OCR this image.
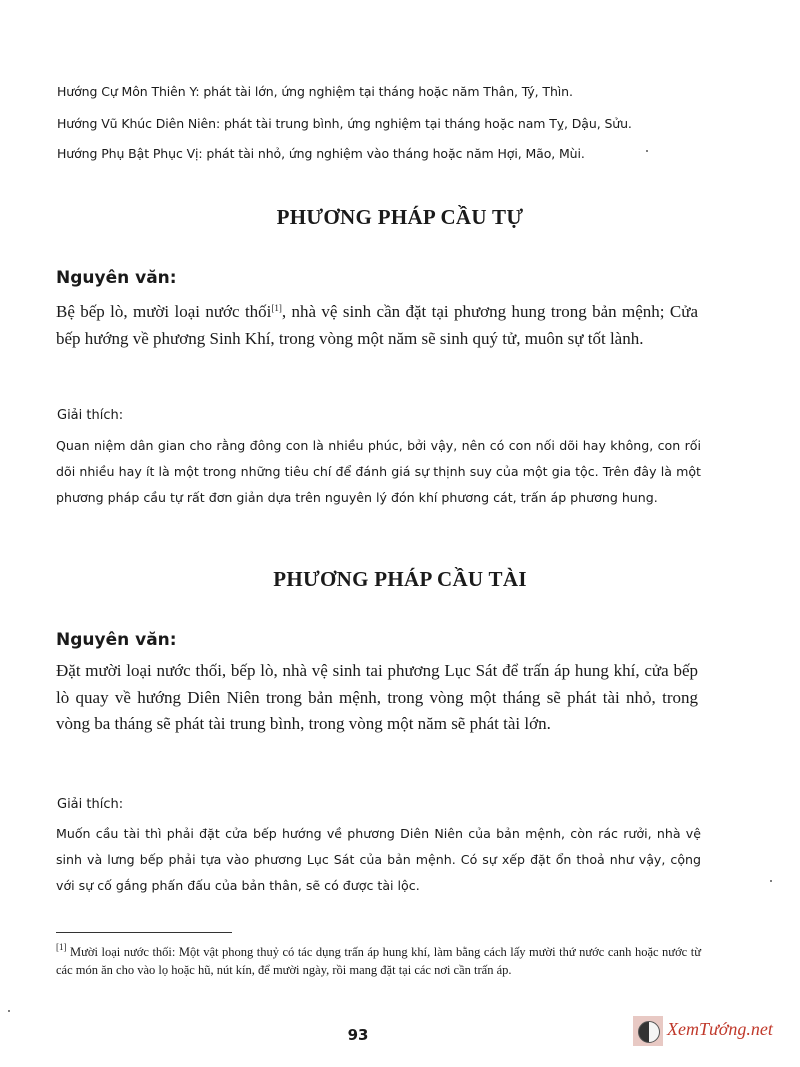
Hướng Cự Môn Thiên Y: phát tài lớn, ứng nghiệm tại tháng hoặc năm Thân, Tý, Thìn.
Hướng Vũ Khúc Diên Niên: phát tài trung bình, ứng nghiệm tại tháng hoặc nam Tỵ, Dậu, Sửu.
Hướng Phụ Bật Phục Vị: phát tài nhỏ, ứng nghiệm vào tháng hoặc năm Hợi, Mão, Mùi.
PHƯƠNG PHÁP CẦU TỰ
Nguyên văn:
Bệ bếp lò, mười loại nước thối[1], nhà vệ sinh cần đặt tại phương hung trong bản mệnh; Cửa bếp hướng về phương Sinh Khí, trong vòng một năm sẽ sinh quý tử, muôn sự tốt lành.
Giải thích:
Quan niệm dân gian cho rằng đông con là nhiều phúc, bởi vậy, nên có con nối dõi hay không, con rối dõi nhiều hay ít là một trong những tiêu chí để đánh giá sự thịnh suy của một gia tộc. Trên đây là một phương pháp cầu tự rất đơn giản dựa trên nguyên lý đón khí phương cát, trấn áp phương hung.
PHƯƠNG PHÁP CẦU TÀI
Nguyên văn:
Đặt mười loại nước thối, bếp lò, nhà vệ sinh tai phương Lục Sát để trấn áp hung khí, cửa bếp lò quay về hướng Diên Niên trong bản mệnh, trong vòng một tháng sẽ phát tài nhỏ, trong vòng ba tháng sẽ phát tài trung bình, trong vòng một năm sẽ phát tài lớn.
Giải thích:
Muốn cầu tài thì phải đặt cửa bếp hướng về phương Diên Niên của bản mệnh, còn rác rưởi, nhà vệ sinh và lưng bếp phải tựa vào phương Lục Sát của bản mệnh. Có sự xếp đặt ổn thoả như vậy, cộng với sự cố gắng phấn đấu của bản thân, sẽ có được tài lộc.
[1] Mười loại nước thối: Một vật phong thuỷ có tác dụng trấn áp hung khí, làm bằng cách lấy mười thứ nước canh hoặc nước từ các món ăn cho vào lọ hoặc hũ, nút kín, để mười ngày, rồi mang đặt tại các nơi cần trấn áp.
93	XemTướng.net
